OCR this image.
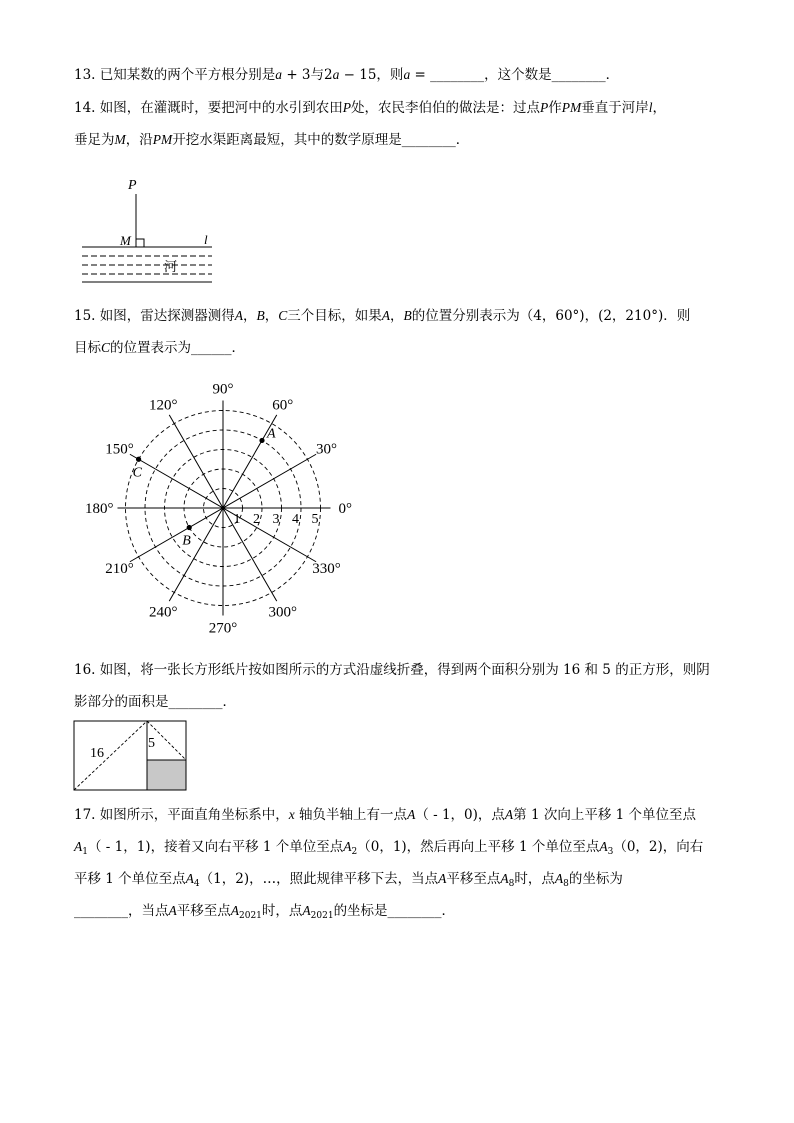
13. 已知某数的两个平方根分别是a + 3与2a − 15，则a = ________，这个数是________．
14. 如图，在灌溉时，要把河中的水引到农田P处，农民李伯伯的做法是：过点P作PM垂直于河岸l，
垂足为M，沿PM开挖水渠距离最短，其中的数学原理是________．
P
M	l
河
15. 如图，雷达探测器测得A，B，C三个目标，如果A，B的位置分别表示为（4，60°)，(2，210°)．则
目标C的位置表示为______．
0°
30°
60°
90°
120°
150°
180°
210°
240°
270°
300°
330°
1 2 3 4 5
A
B
C
16. 如图，将一张长方形纸片按如图所示的方式沿虚线折叠，得到两个面积分别为 16 和 5 的正方形，则阴
影部分的面积是________．
16
5
17. 如图所示，平面直角坐标系中，x 轴负半轴上有一点A（ - 1，0)，点A第 1 次向上平移 1 个单位至点
$A_1( - 1$，1)，接着又向右平移 1 个单位至点$A_2(0$，1)，然后再向上平移 1 个单位至点$A_3(0$，2)，向右
平移 1 个单位至点$A_4(1$，2)，…，照此规律平移下去，当点A平移至点$A_8$时，点$A_8$的坐标为
________，当点A平移至点$A_{2021}$时，点$A_{2021}$的坐标是________．
